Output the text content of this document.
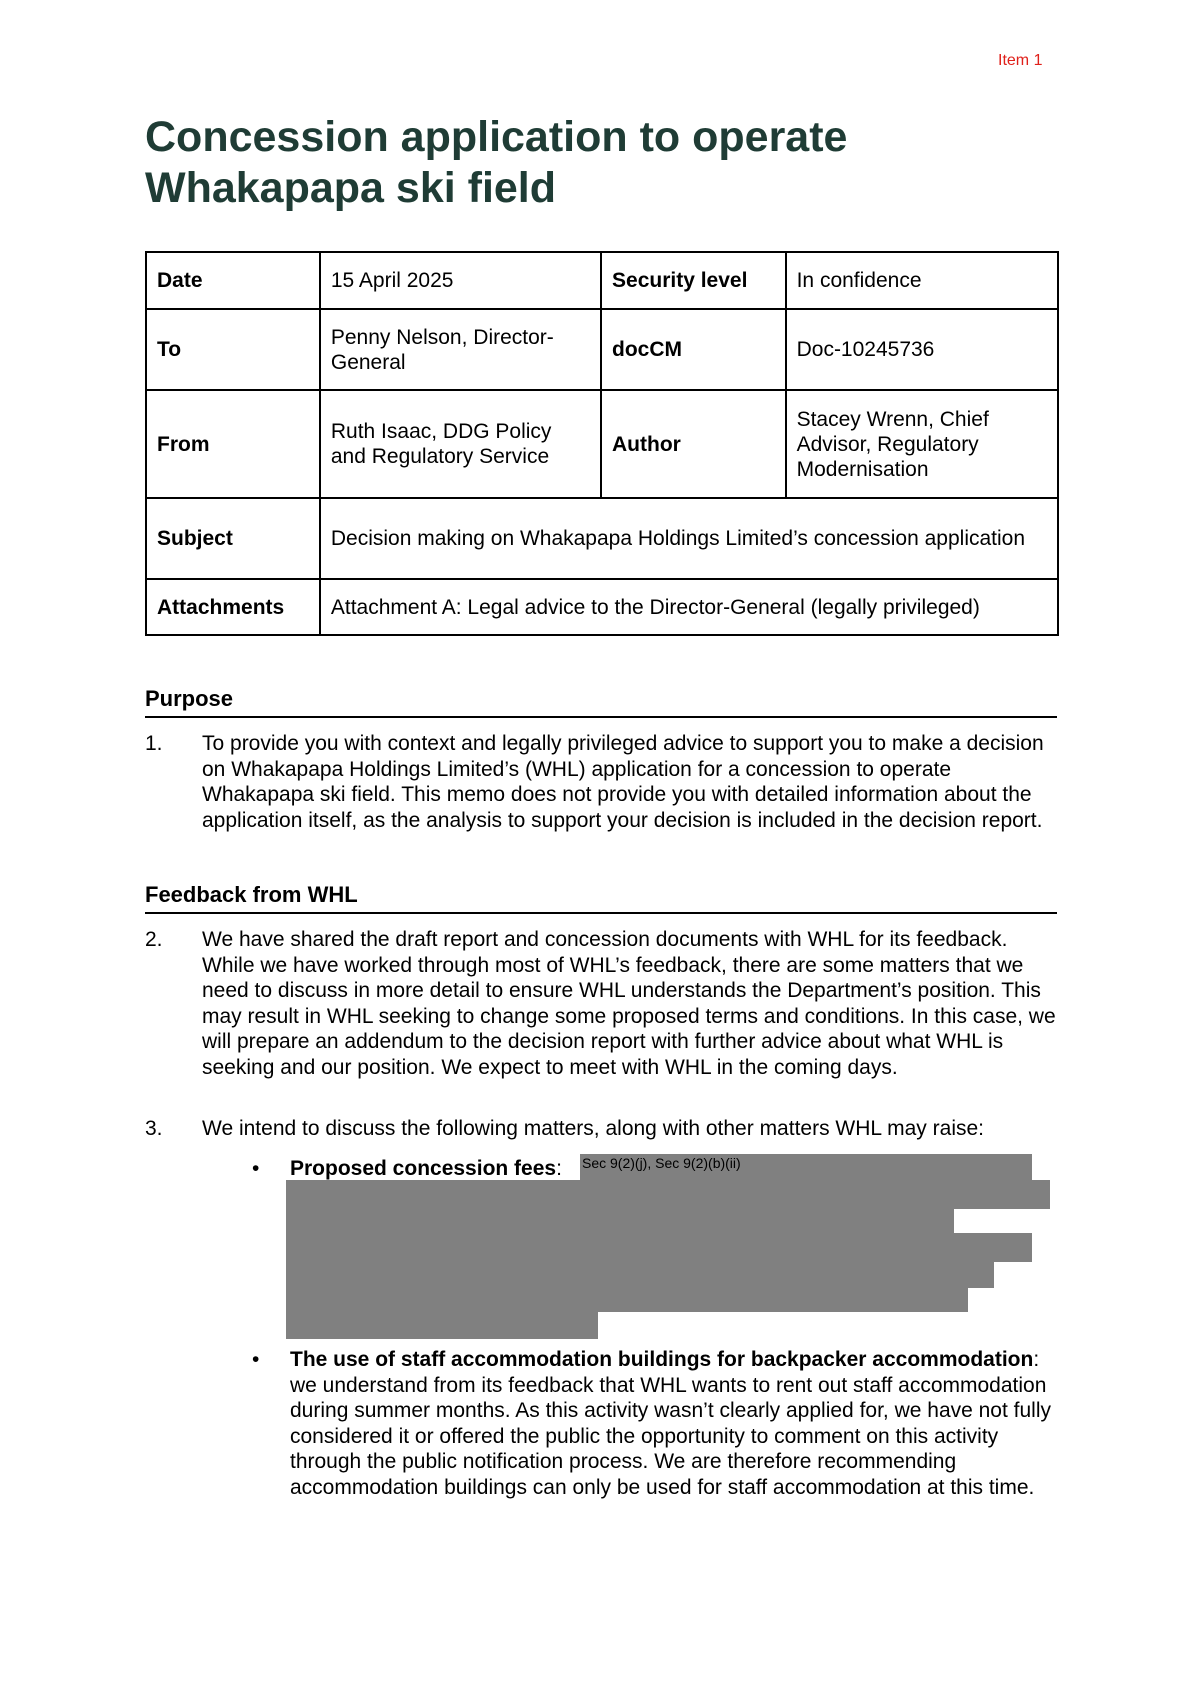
Item 1
Concession application to operate Whakapapa ski field
Date	15 April 2025	Security level	In confidence
To	Penny Nelson, Director-General	docCM	Doc-10245736
From	Ruth Isaac, DDG Policy and Regulatory Service	Author	Stacey Wrenn, Chief Advisor, Regulatory Modernisation
Subject	Decision making on Whakapapa Holdings Limited’s concession application		
Attachments	Attachment A: Legal advice to the Director-General (legally privileged)		
Purpose
1. To provide you with context and legally privileged advice to support you to make a decision on Whakapapa Holdings Limited’s (WHL) application for a concession to operate Whakapapa ski field. This memo does not provide you with detailed information about the application itself, as the analysis to support your decision is included in the decision report.
Feedback from WHL
2. We have shared the draft report and concession documents with WHL for its feedback. While we have worked through most of WHL’s feedback, there are some matters that we need to discuss in more detail to ensure WHL understands the Department’s position. This may result in WHL seeking to change some proposed terms and conditions. In this case, we will prepare an addendum to the decision report with further advice about what WHL is seeking and our position. We expect to meet with WHL in the coming days.
3. We intend to discuss the following matters, along with other matters WHL may raise:
• Proposed concession fees:	Sec 9(2)(j), Sec 9(2)(b)(ii)
• The use of staff accommodation buildings for backpacker accommodation: we understand from its feedback that WHL wants to rent out staff accommodation during summer months. As this activity wasn’t clearly applied for, we have not fully considered it or offered the public the opportunity to comment on this activity through the public notification process. We are therefore recommending accommodation buildings can only be used for staff accommodation at this time.
